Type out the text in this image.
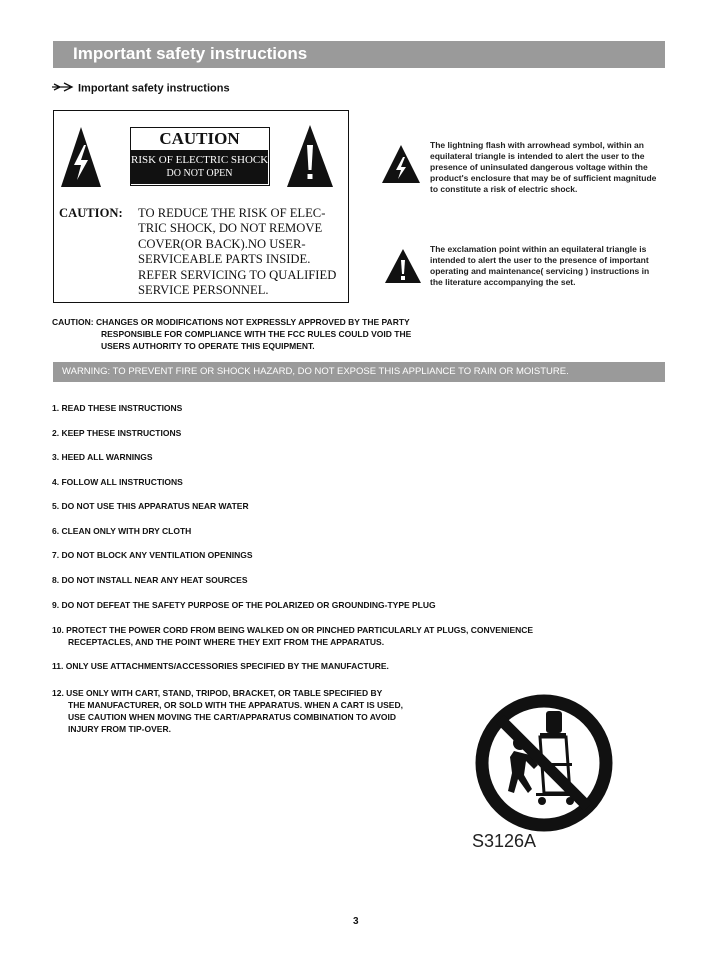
Important safety instructions
Important safety instructions
CAUTION
RISK OF ELECTRIC SHOCK
DO NOT OPEN
CAUTION: TO REDUCE THE RISK OF ELEC-
TRIC SHOCK, DO NOT REMOVE
COVER(OR BACK).NO USER-
SERVICEABLE PARTS INSIDE.
REFER SERVICING TO QUALIFIED
SERVICE PERSONNEL.
The lightning flash with arrowhead symbol, within an
equilateral triangle is intended to alert the user to the
presence of uninsulated dangerous voltage within the
product's enclosure that may be of sufficient magnitude
to constitute a risk of electric shock.
The exclamation point within an equilateral triangle is
intended to alert the user to the presence of important
operating and maintenance( servicing ) instructions in
the literature accompanying the set.
CAUTION: CHANGES OR MODIFICATIONS NOT EXPRESSLY APPROVED BY THE PARTY
RESPONSIBLE FOR COMPLIANCE WITH THE FCC RULES COULD VOID THE
USERS AUTHORITY TO OPERATE THIS EQUIPMENT.
WARNING: TO PREVENT FIRE OR SHOCK HAZARD, DO NOT EXPOSE THIS APPLIANCE TO RAIN OR MOISTURE.
1. READ THESE INSTRUCTIONS
2. KEEP THESE INSTRUCTIONS
3. HEED ALL WARNINGS
4. FOLLOW ALL INSTRUCTIONS
5. DO NOT USE THIS APPARATUS NEAR WATER
6. CLEAN ONLY WITH DRY CLOTH
7. DO NOT BLOCK ANY VENTILATION OPENINGS
8. DO NOT INSTALL NEAR ANY HEAT SOURCES
9. DO NOT DEFEAT THE SAFETY PURPOSE OF THE POLARIZED OR GROUNDING-TYPE PLUG
10. PROTECT THE POWER CORD FROM BEING WALKED ON OR PINCHED PARTICULARLY AT PLUGS, CONVENIENCE
RECEPTACLES, AND THE POINT WHERE THEY EXIT FROM THE APPARATUS.
11. ONLY USE ATTACHMENTS/ACCESSORIES SPECIFIED BY THE MANUFACTURE.
12. USE ONLY WITH CART, STAND, TRIPOD, BRACKET, OR TABLE SPECIFIED BY
THE MANUFACTURER, OR SOLD WITH THE APPARATUS. WHEN A CART IS USED,
USE CAUTION WHEN MOVING THE CART/APPARATUS COMBINATION TO AVOID
INJURY FROM TIP-OVER.
S3126A
3
